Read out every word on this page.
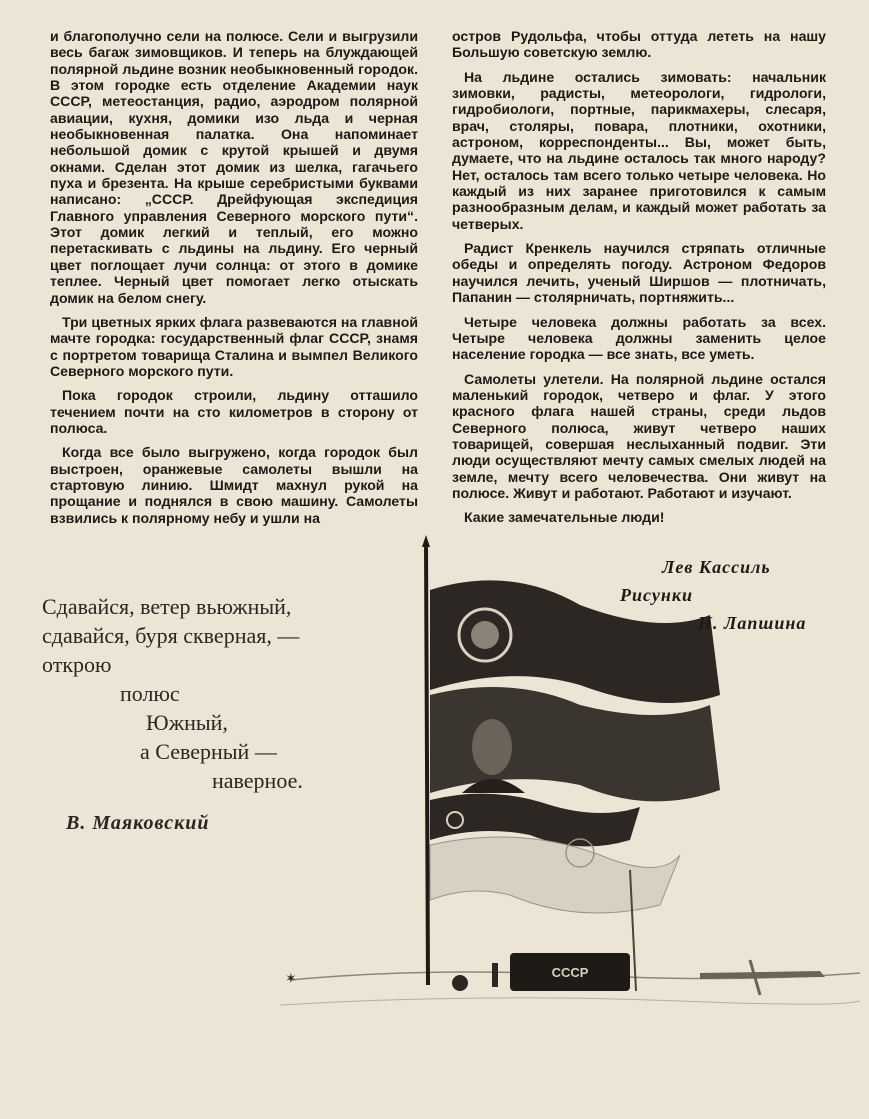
и благополучно сели на полюсе. Сели и выгрузили весь багаж зимовщиков. И теперь на блуждающей полярной льдине возник необыкновенный городок. В этом городке есть отделение Академии наук СССР, метеостанция, радио, аэродром полярной авиации, кухня, домики изо льда и черная необыкновенная палатка. Она напоминает небольшой домик с крутой крышей и двумя окнами. Сделан этот домик из шелка, гагачьего пуха и брезента. На крыше серебристыми буквами написано: „СССР. Дрейфующая экспедиция Главного управления Северного морского пути“. Этот домик легкий и теплый, его можно перетаскивать с льдины на льдину. Его черный цвет поглощает лучи солнца: от этого в домике теплее. Черный цвет помогает легко отыскать домик на белом снегу.

Три цветных ярких флага развеваются на главной мачте городка: государственный флаг СССР, знамя с портретом товарища Сталина и вымпел Великого Северного морского пути.

Пока городок строили, льдину отташило течением почти на сто километров в сторону от полюса.

Когда все было выгружено, когда городок был выстроен, оранжевые самолеты вышли на стартовую линию. Шмидт махнул рукой на прощание и поднялся в свою машину. Самолеты взвились к полярному небу и ушли на

остров Рудольфа, чтобы оттуда лететь на нашу Большую советскую землю.

На льдине остались зимовать: начальник зимовки, радисты, метеорологи, гидрологи, гидробиологи, портные, парикмахеры, слесаря, врач, столяры, повара, плотники, охотники, астроном, корреспонденты... Вы, может быть, думаете, что на льдине осталось так много народу? Нет, осталось там всего только четыре человека. Но каждый из них заранее приготовился к самым разнообразным делам, и каждый может работать за четверых.

Радист Кренкель научился стряпать отличные обеды и определять погоду. Астроном Федоров научился лечить, ученый Ширшов — плотничать, Папанин — столярничать, портняжить...

Четыре человека должны работать за всех. Четыре человека должны заменить целое население городка — все знать, все уметь.

Самолеты улетели. На полярной льдине остался маленький городок, четверо и флаг. У этого красного флага нашей страны, среди льдов Северного полюса, живут четверо наших товарищей, совершая неслыханный подвиг. Эти люди осуществляют мечту самых смелых людей на земле, мечту всего человечества. Они живут на полюсе. Живут и работают. Работают и изучают.

Какие замечательные люди!

СССР
✶
Лев Кассиль
Рисунки
Н. Лапшина
Сдавайся, ветер вьюжный,
сдавайся, буря скверная, —
открою
полюс
Южный,
а Северный —
наверное.
В. Маяковский
